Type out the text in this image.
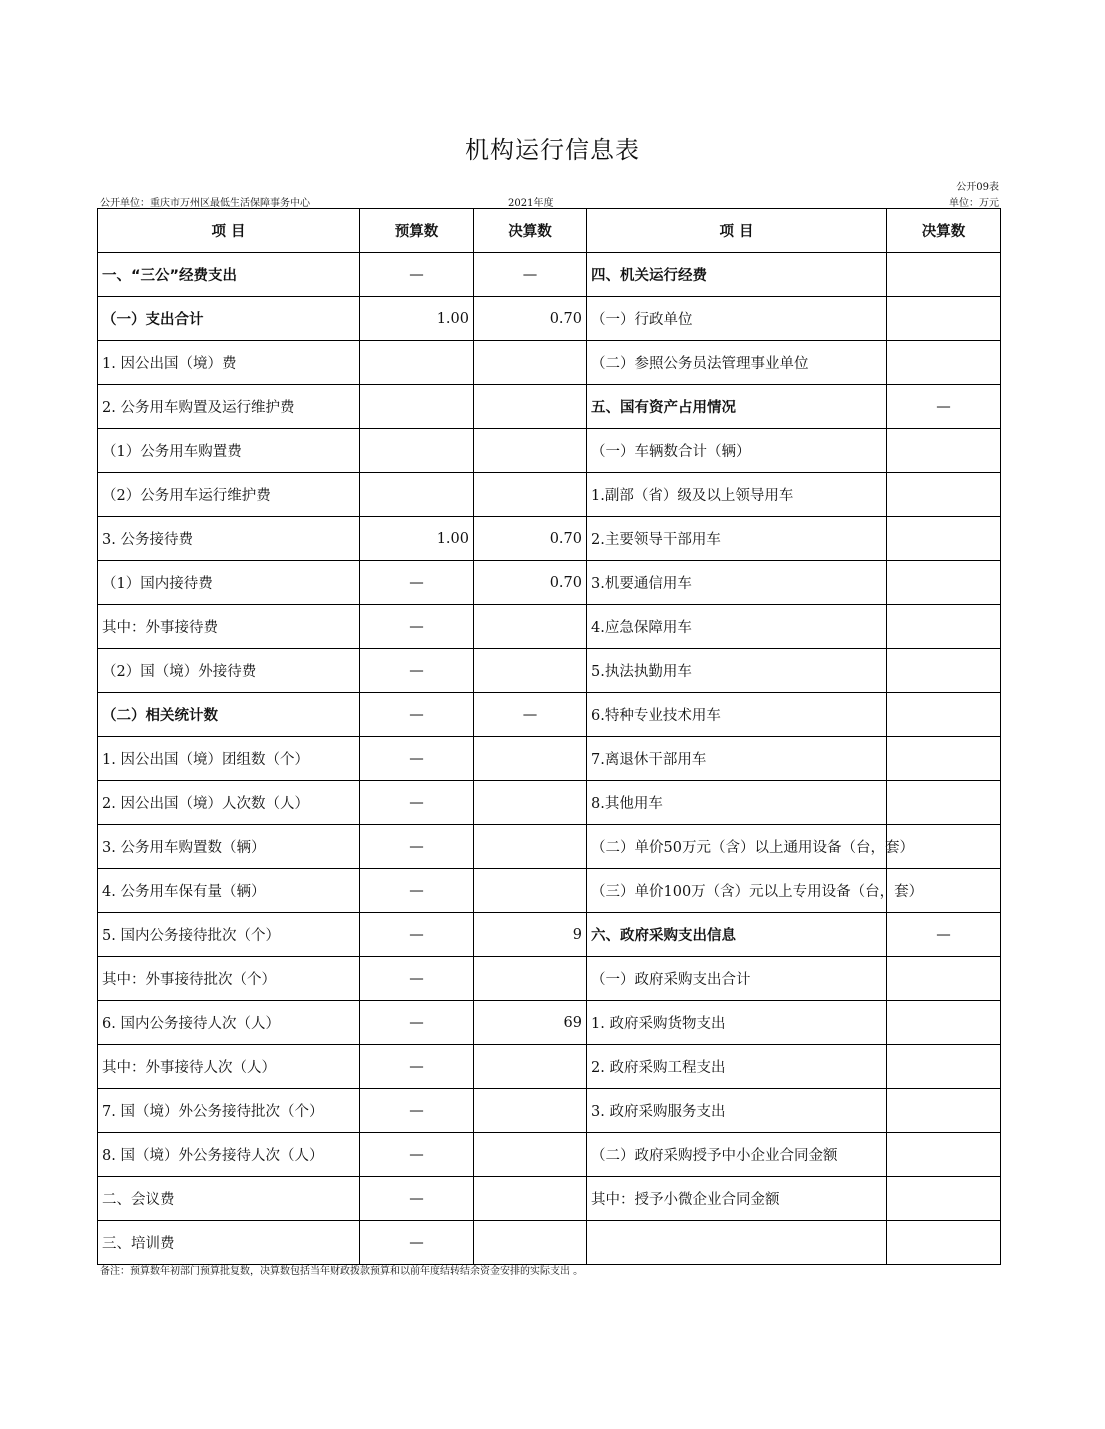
机构运行信息表
公开09表
公开单位：重庆市万州区最低生活保障事务中心	2021年度	单位：万元
项 目	预算数	决算数	项 目	决算数
一、“三公”经费支出	—	—	四、机关运行经费	
（一）支出合计	1.00	0.70	（一）行政单位	
1. 因公出国（境）费			（二）参照公务员法管理事业单位	
2. 公务用车购置及运行维护费			五、国有资产占用情况	—
（1）公务用车购置费			（一）车辆数合计（辆）	
（2）公务用车运行维护费			1.副部（省）级及以上领导用车	
3. 公务接待费	1.00	0.70	2.主要领导干部用车	
（1）国内接待费	—	0.70	3.机要通信用车	
其中：外事接待费	—		4.应急保障用车	
（2）国（境）外接待费	—		5.执法执勤用车	
（二）相关统计数	—	—	6.特种专业技术用车	
1. 因公出国（境）团组数（个）	—		7.离退休干部用车	
2. 因公出国（境）人次数（人）	—		8.其他用车	
3. 公务用车购置数（辆）	—		（二）单价50万元（含）以上通用设备（台，套）	
4. 公务用车保有量（辆）	—		（三）单价100万（含）元以上专用设备（台，套）	
5. 国内公务接待批次（个）	—	9	六、政府采购支出信息	—
其中：外事接待批次（个）	—		（一）政府采购支出合计	
6. 国内公务接待人次（人）	—	69	1. 政府采购货物支出	
其中：外事接待人次（人）	—		2. 政府采购工程支出	
7. 国（境）外公务接待批次（个）	—		3. 政府采购服务支出	
8. 国（境）外公务接待人次（人）	—		（二）政府采购授予中小企业合同金额	
二、会议费	—		其中：授予小微企业合同金额	
三、培训费	—			
备注：预算数年初部门预算批复数，决算数包括当年财政拨款预算和以前年度结转结余资金安排的实际支出 。
